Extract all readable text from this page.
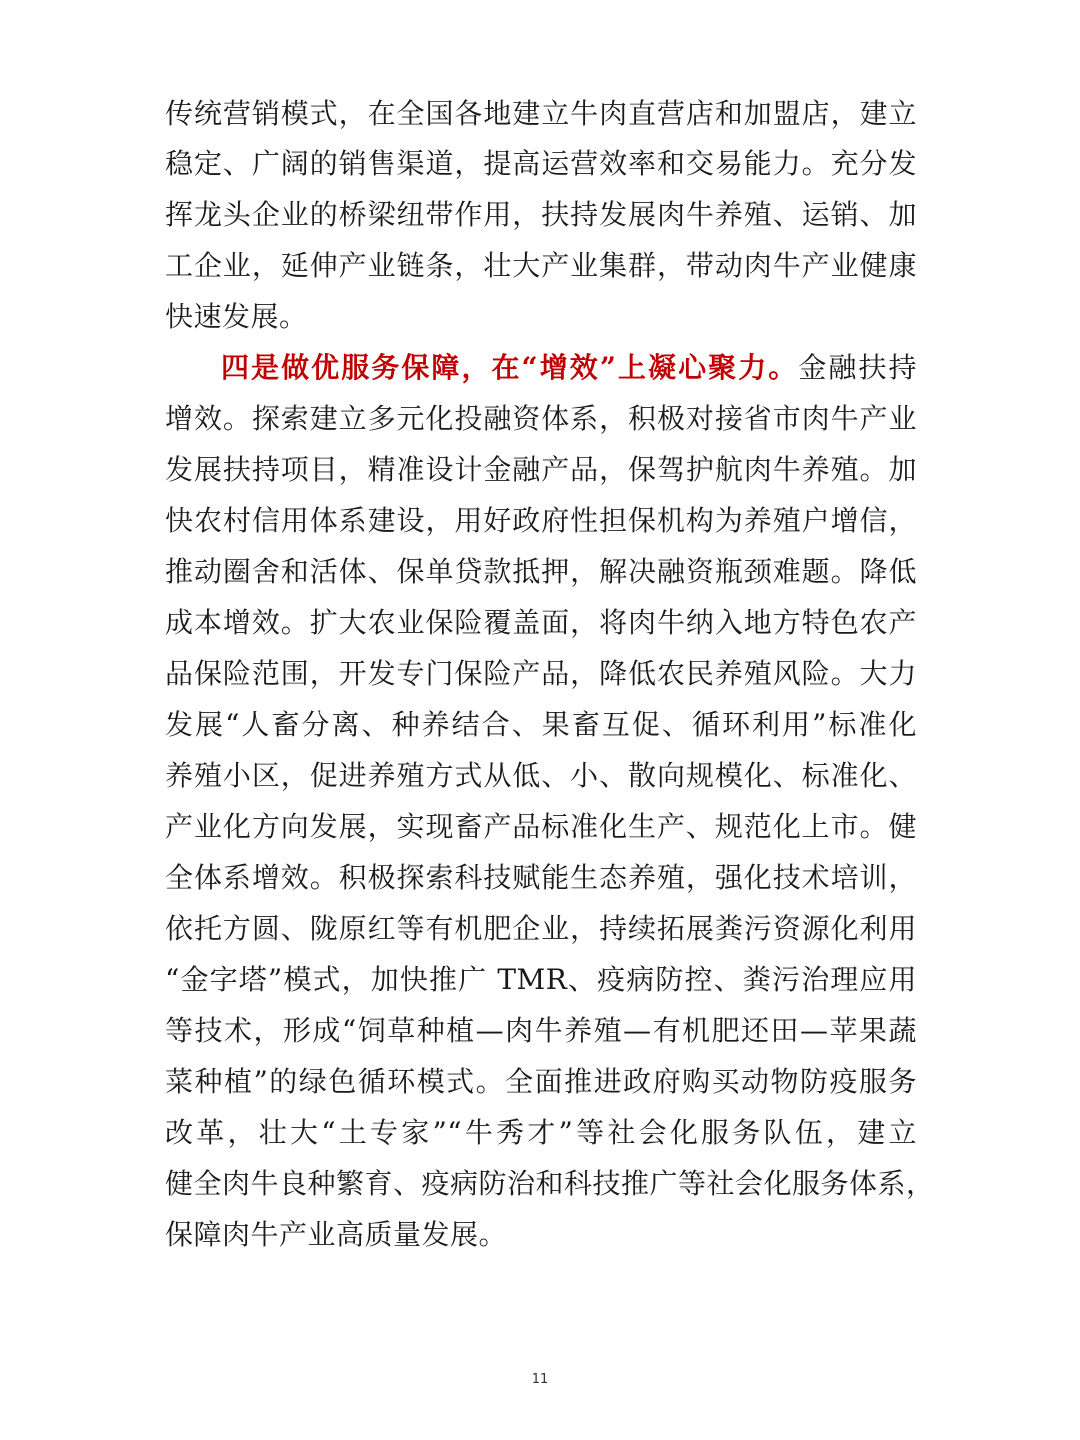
传统营销模式，在全国各地建立牛肉直营店和加盟店，建立
稳定、广阔的销售渠道，提高运营效率和交易能力。充分发
挥龙头企业的桥梁纽带作用，扶持发展肉牛养殖、运销、加
工企业，延伸产业链条，壮大产业集群，带动肉牛产业健康
快速发展。
四是做优服务保障，在“增效”上凝心聚力。金融扶持
增效。探索建立多元化投融资体系，积极对接省市肉牛产业
发展扶持项目，精准设计金融产品，保驾护航肉牛养殖。加
快农村信用体系建设，用好政府性担保机构为养殖户增信，
推动圈舍和活体、保单贷款抵押，解决融资瓶颈难题。降低
成本增效。扩大农业保险覆盖面，将肉牛纳入地方特色农产
品保险范围，开发专门保险产品，降低农民养殖风险。大力
发展“人畜分离、种养结合、果畜互促、循环利用”标准化
养殖小区，促进养殖方式从低、小、散向规模化、标准化、
产业化方向发展，实现畜产品标准化生产、规范化上市。健
全体系增效。积极探索科技赋能生态养殖，强化技术培训，
依托方圆、陇原红等有机肥企业，持续拓展粪污资源化利用
“金字塔”模式，加快推广 TMR、疫病防控、粪污治理应用
等技术，形成“饲草种植—肉牛养殖—有机肥还田—苹果蔬
菜种植”的绿色循环模式。全面推进政府购买动物防疫服务
改革，壮大“土专家”“牛秀才”等社会化服务队伍，建立
健全肉牛良种繁育、疫病防治和科技推广等社会化服务体系，
保障肉牛产业高质量发展。
11
